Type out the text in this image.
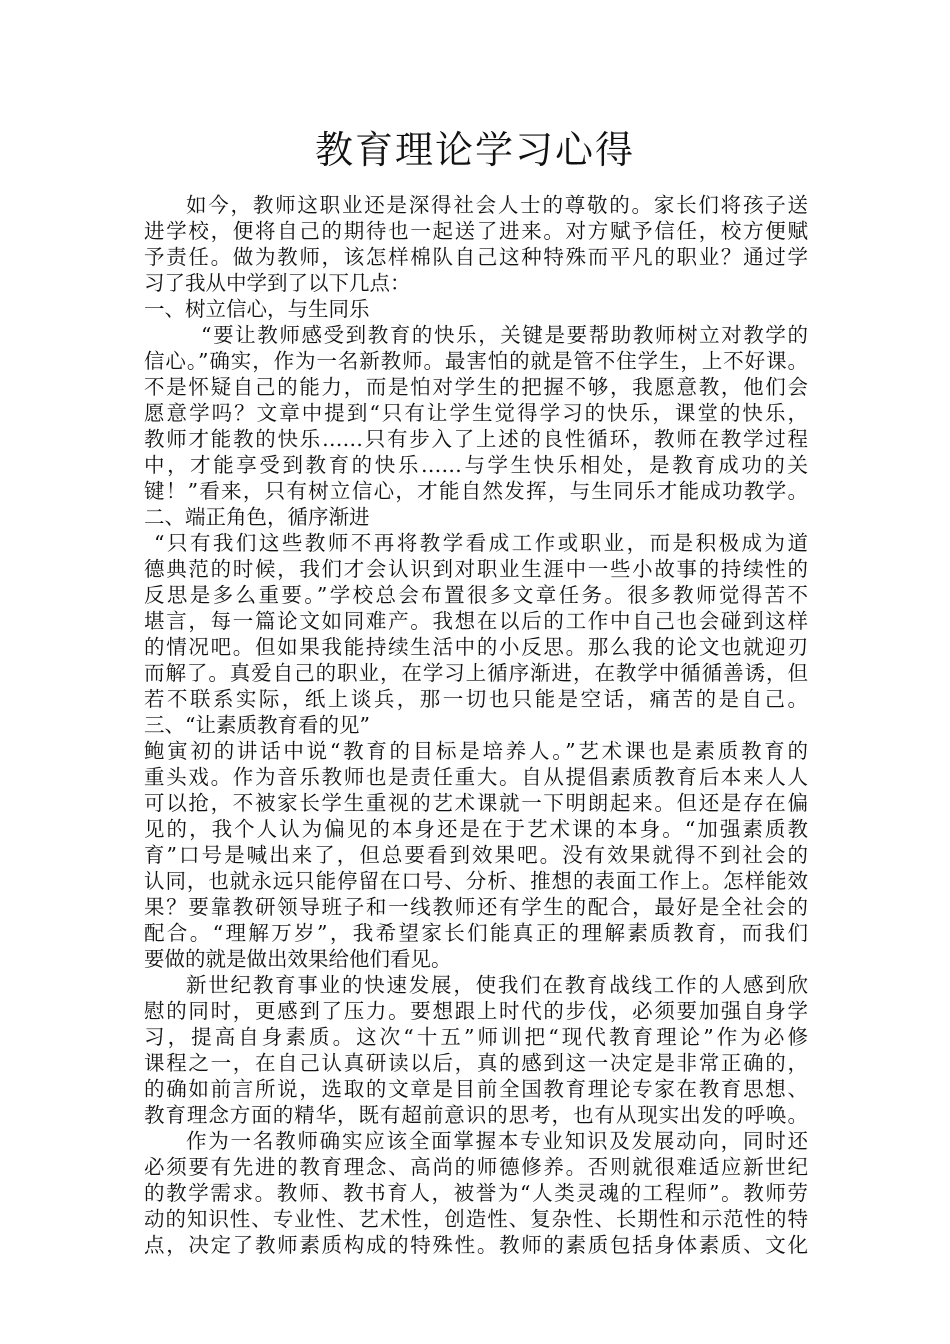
教育理论学习心得
如今，教师这职业还是深得社会人士的尊敬的。家长们将孩子送
进学校，便将自己的期待也一起送了进来。对方赋予信任，校方便赋
予责任。做为教师，该怎样棉队自己这种特殊而平凡的职业？通过学
习了我从中学到了以下几点：
一、树立信心，与生同乐
“要让教师感受到教育的快乐，关键是要帮助教师树立对教学的
信心。”确实，作为一名新教师。最害怕的就是管不住学生，上不好课。
不是怀疑自己的能力，而是怕对学生的把握不够，我愿意教，他们会
愿意学吗？文章中提到“只有让学生觉得学习的快乐，课堂的快乐，
教师才能教的快乐……只有步入了上述的良性循环，教师在教学过程
中，才能享受到教育的快乐……与学生快乐相处，是教育成功的关
键！”看来，只有树立信心，才能自然发挥，与生同乐才能成功教学。
二、端正角色，循序渐进
“只有我们这些教师不再将教学看成工作或职业，而是积极成为道
德典范的时候，我们才会认识到对职业生涯中一些小故事的持续性的
反思是多么重要。”学校总会布置很多文章任务。很多教师觉得苦不
堪言，每一篇论文如同难产。我想在以后的工作中自己也会碰到这样
的情况吧。但如果我能持续生活中的小反思。那么我的论文也就迎刃
而解了。真爱自己的职业，在学习上循序渐进，在教学中循循善诱，但
若不联系实际，纸上谈兵，那一切也只能是空话，痛苦的是自己。
三、“让素质教育看的见”
鲍寅初的讲话中说“教育的目标是培养人。”艺术课也是素质教育的
重头戏。作为音乐教师也是责任重大。自从提倡素质教育后本来人人
可以抢，不被家长学生重视的艺术课就一下明朗起来。但还是存在偏
见的，我个人认为偏见的本身还是在于艺术课的本身。“加强素质教
育”口号是喊出来了，但总要看到效果吧。没有效果就得不到社会的
认同，也就永远只能停留在口号、分析、推想的表面工作上。怎样能效
果？要靠教研领导班子和一线教师还有学生的配合，最好是全社会的
配合。“理解万岁”，我希望家长们能真正的理解素质教育，而我们
要做的就是做出效果给他们看见。
新世纪教育事业的快速发展，使我们在教育战线工作的人感到欣
慰的同时，更感到了压力。要想跟上时代的步伐，必须要加强自身学
习，提高自身素质。这次“十五”师训把“现代教育理论”作为必修
课程之一，在自己认真研读以后，真的感到这一决定是非常正确的，
的确如前言所说，选取的文章是目前全国教育理论专家在教育思想、
教育理念方面的精华，既有超前意识的思考，也有从现实出发的呼唤。
作为一名教师确实应该全面掌握本专业知识及发展动向，同时还
必须要有先进的教育理念、高尚的师德修养。否则就很难适应新世纪
的教学需求。教师、教书育人，被誉为“人类灵魂的工程师”。教师劳
动的知识性、专业性、艺术性，创造性、复杂性、长期性和示范性的特
点，决定了教师素质构成的特殊性。教师的素质包括身体素质、文化
